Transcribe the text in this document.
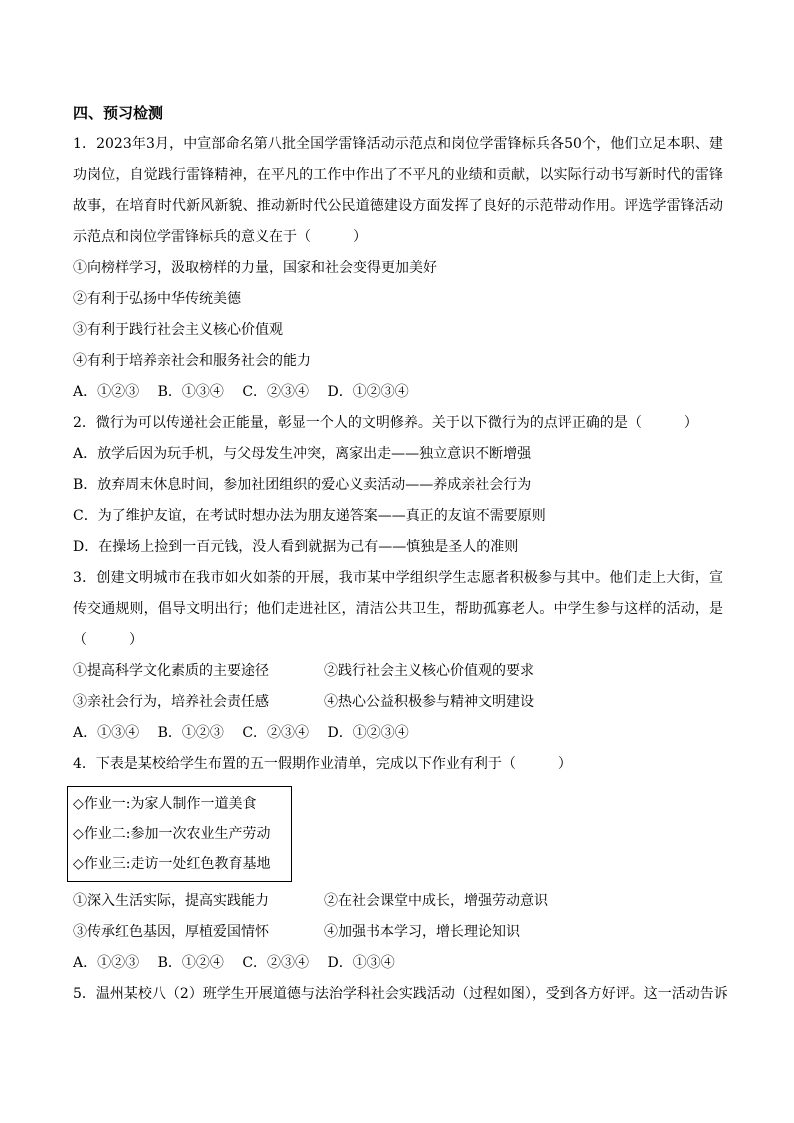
四、预习检测
1．2023年3月，中宣部命名第八批全国学雷锋活动示范点和岗位学雷锋标兵各50个，他们立足本职、建功岗位，自觉践行雷锋精神，在平凡的工作中作出了不平凡的业绩和贡献，以实际行动书写新时代的雷锋故事，在培育时代新风新貌、推动新时代公民道德建设方面发挥了良好的示范带动作用。评选学雷锋活动示范点和岗位学雷锋标兵的意义在于（　　　）
①向榜样学习，汲取榜样的力量，国家和社会变得更加美好
②有利于弘扬中华传统美德
③有利于践行社会主义核心价值观
④有利于培养亲社会和服务社会的能力
A．①②③ B．①③④ C．②③④ D．①②③④
2．微行为可以传递社会正能量，彰显一个人的文明修养。关于以下微行为的点评正确的是（　　　）
A．放学后因为玩手机，与父母发生冲突，离家出走——独立意识不断增强
B．放弃周末休息时间，参加社团组织的爱心义卖活动——养成亲社会行为
C．为了维护友谊，在考试时想办法为朋友递答案——真正的友谊不需要原则
D．在操场上捡到一百元钱，没人看到就据为己有——慎独是圣人的准则
3．创建文明城市在我市如火如荼的开展，我市某中学组织学生志愿者积极参与其中。他们走上大街，宣传交通规则，倡导文明出行；他们走进社区，清洁公共卫生，帮助孤寡老人。中学生参与这样的活动，是（　　　）
①提高科学文化素质的主要途径	②践行社会主义核心价值观的要求
③亲社会行为，培养社会责任感	④热心公益积极参与精神文明建设
A．①③④ B．①②③ C．②③④ D．①②③④
4．下表是某校给学生布置的五一假期作业清单，完成以下作业有利于（　　　）
◇作业一:为家人制作一道美食
◇作业二:参加一次农业生产劳动
◇作业三:走访一处红色教育基地
①深入生活实际，提高实践能力	②在社会课堂中成长，增强劳动意识
③传承红色基因，厚植爱国情怀	④加强书本学习，增长理论知识
A．①②③ B．①②④ C．②③④ D．①③④
5．温州某校八（2）班学生开展道德与法治学科社会实践活动（过程如图），受到各方好评。这一活动告诉
